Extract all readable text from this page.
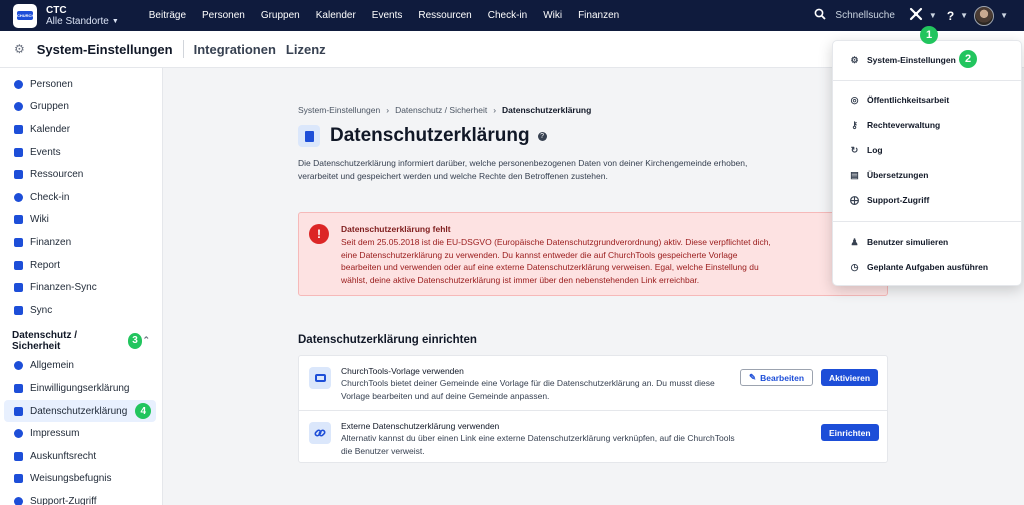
CHURCH CTC
Alle Standorte ▼	Beiträge	Personen	Gruppen	Kalender	Events	Ressourcen	Check-in	Wiki	Finanzen	Schnellsuche	▼ ? ▼	▼
⚙ System-Einstellungen Integrationen Lizenz
Personen
Gruppen
Kalender
Events
Ressourcen
Check-in
Wiki
Finanzen
Report
Finanzen-Sync
Sync
Datenschutz / Sicherheit	3 ⌃
Allgemein
Einwilligungserklärung
Datenschutzerklärung	4
Impressum
Auskunftsrecht
Weisungsbefugnis
Support-Zugriff
System-Einstellungen › Datenschutz / Sicherheit › Datenschutzerklärung
Datenschutzerklärung	?
Die Datenschutzerklärung informiert darüber, welche personenbezogenen Daten von deiner Kirchengemeinde erhoben, verarbeitet und gespeichert werden und welche Rechte den Betroffenen zustehen.
!	Datenschutzerklärung fehlt
Seit dem 25.05.2018 ist die EU-DSGVO (Europäische Datenschutzgrundverordnung) aktiv. Diese verpflichtet dich, eine Datenschutzerklärung zu verwenden. Du kannst entweder die auf ChurchTools gespeicherte Vorlage bearbeiten und verwenden oder auf eine externe Datenschutzerklärung verweisen. Egal, welche Einstellung du wählst, deine aktive Datenschutzerklärung ist immer über den nebenstehenden Link erreichbar.
Datenschutzerklärung einrichten
ChurchTools-Vorlage verwenden
ChurchTools bietet deiner Gemeinde eine Vorlage für die Datenschutzerklärung an. Du musst diese Vorlage bearbeiten und auf deine Gemeinde anpassen.
✎ Bearbeiten	Aktivieren
Externe Datenschutzerklärung verwenden
Alternativ kannst du über einen Link eine externe Datenschutzerklärung verknüpfen, auf die ChurchTools die Benutzer verweist.
Einrichten
⚙ System-Einstellungen
◎ Öffentlichkeitsarbeit
⚷ Rechteverwaltung
↻ Log
▤ Übersetzungen
⨁ Support-Zugriff
♟ Benutzer simulieren
◷ Geplante Aufgaben ausführen
1
2
